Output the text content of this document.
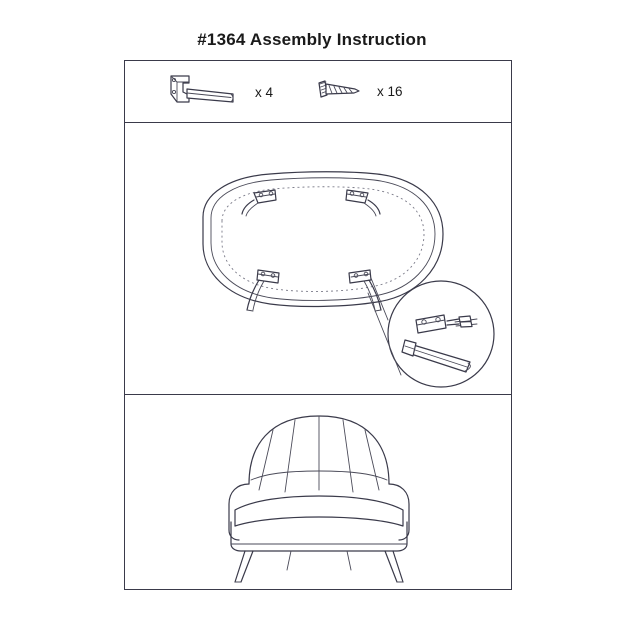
#1364 Assembly Instruction
x 4	x 16
